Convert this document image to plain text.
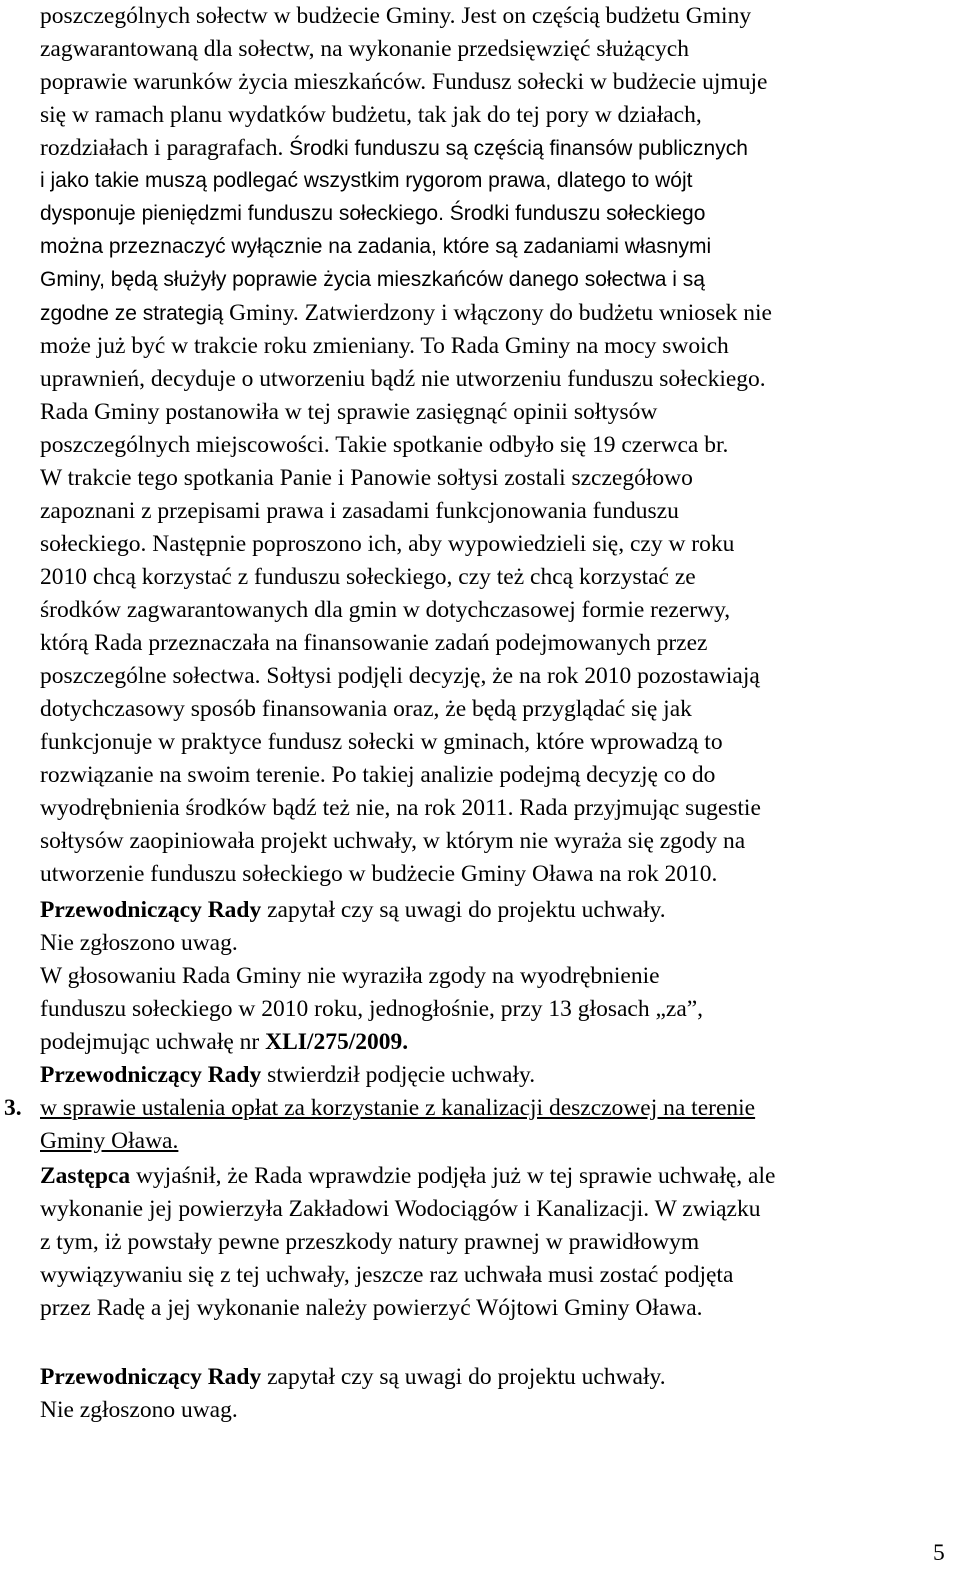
poszczególnych sołectw w budżecie Gminy. Jest on częścią budżetu Gminy
zagwarantowaną dla sołectw, na wykonanie przedsięwzięć służących
poprawie warunków życia mieszkańców. Fundusz sołecki w budżecie ujmuje
się w ramach planu wydatków budżetu, tak jak do tej pory w działach,
rozdziałach i paragrafach. Środki funduszu są częścią finansów publicznych
i jako takie muszą podlegać wszystkim rygorom prawa, dlatego to wójt
dysponuje pieniędzmi funduszu sołeckiego. Środki funduszu sołeckiego
można przeznaczyć wyłącznie na zadania, które są zadaniami własnymi
Gminy, będą służyły poprawie życia mieszkańców danego sołectwa i są
zgodne ze strategią Gminy. Zatwierdzony i włączony do budżetu wniosek nie
może już być w trakcie roku zmieniany. To Rada Gminy na mocy swoich
uprawnień, decyduje o utworzeniu bądź nie utworzeniu funduszu sołeckiego.
Rada Gminy postanowiła w tej sprawie zasięgnąć opinii sołtysów
poszczególnych miejscowości. Takie spotkanie odbyło się 19 czerwca br.
W trakcie tego spotkania Panie i Panowie sołtysi zostali szczegółowo
zapoznani z przepisami prawa i zasadami funkcjonowania funduszu
sołeckiego. Następnie poproszono ich, aby wypowiedzieli się, czy w roku
2010 chcą korzystać z funduszu sołeckiego, czy też chcą korzystać ze
środków zagwarantowanych dla gmin w dotychczasowej formie rezerwy,
którą Rada przeznaczała na finansowanie zadań podejmowanych przez
poszczególne sołectwa. Sołtysi podjęli decyzję, że na rok 2010 pozostawiają
dotychczasowy sposób finansowania oraz, że będą przyglądać się jak
funkcjonuje w praktyce fundusz sołecki w gminach, które wprowadzą to
rozwiązanie na swoim terenie. Po takiej analizie podejmą decyzję co do
wyodrębnienia środków bądź też nie, na rok 2011. Rada przyjmując sugestie
sołtysów zaopiniowała projekt uchwały, w którym nie wyraża się zgody na
utworzenie funduszu sołeckiego w budżecie Gminy Oława na rok 2010.
Przewodniczący Rady zapytał czy są uwagi do projektu uchwały.
Nie zgłoszono uwag.
W głosowaniu Rada Gminy nie wyraziła zgody na wyodrębnienie
funduszu sołeckiego w 2010 roku, jednogłośnie, przy 13 głosach „za”,
podejmując uchwałę nr XLI/275/2009.
Przewodniczący Rady stwierdził podjęcie uchwały.
3. w sprawie ustalenia opłat za korzystanie z kanalizacji deszczowej na terenie
Gminy Oława.
Zastępca wyjaśnił, że Rada wprawdzie podjęła już w tej sprawie uchwałę, ale
wykonanie jej powierzyła Zakładowi Wodociągów i Kanalizacji. W związku
z tym, iż powstały pewne przeszkody natury prawnej w prawidłowym
wywiązywaniu się z tej uchwały, jeszcze raz uchwała musi zostać podjęta
przez Radę a jej wykonanie należy powierzyć Wójtowi Gminy Oława.
Przewodniczący Rady zapytał czy są uwagi do projektu uchwały.
Nie zgłoszono uwag.
5
